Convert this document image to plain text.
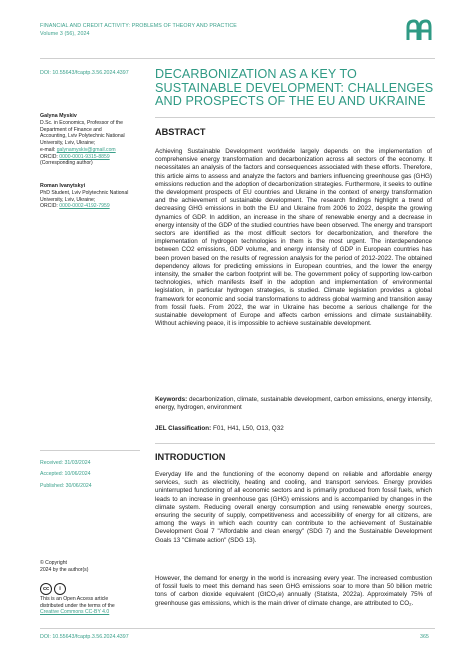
FINANCIAL AND CREDIT ACTIVITY: PROBLEMS OF THEORY AND PRACTICE
Volume 3 (56), 2024
DOI: 10.55643/fcaptp.3.56.2024.4397
Galyna Myskiv
D.Sc. in Economics, Professor of the
Department of Finance and
Accounting, Lviv Polytechnic National
University, Lviv, Ukraine;
e-mail: galynamyskiv@gmail.com
ORCID: 0000-0001-9315-8859
(Corresponding author)
Roman Ivanytskyi
PhD Student, Lviv Polytechnic National
University, Lviv, Ukraine;
ORCID: 0000-0002-4192-7959
Received: 31/03/2024
Accepted: 10/06/2024
Published: 30/06/2024
© Copyright
2024 by the author(s)
cc	i
This is an Open Access article
distributed under the terms of the
Creative Commons CC-BY 4.0
DECARBONIZATION AS A KEY TO SUSTAINABLE DEVELOPMENT: CHALLENGES AND PROSPECTS OF THE EU AND UKRAINE
ABSTRACT

Achieving Sustainable Development worldwide largely depends on the implementation of comprehensive energy transformation and decarbonization across all sectors of the economy. It necessitates an analysis of the factors and consequences associated with these efforts. Therefore, this article aims to assess and analyze the factors and barriers influencing greenhouse gas (GHG) emissions reduction and the adoption of decarbonization strategies. Furthermore, it seeks to outline the development prospects of EU countries and Ukraine in the context of energy transformation and the achievement of sustainable development. The research findings highlight a trend of decreasing GHG emissions in both the EU and Ukraine from 2006 to 2022, despite the growing dynamics of GDP. In addition, an increase in the share of renewable energy and a decrease in energy intensity of the GDP of the studied countries have been observed. The energy and transport sectors are identified as the most difficult sectors for decarbonization, and therefore the implementation of hydrogen technologies in them is the most urgent. The interdependence between CO2 emissions, GDP volume, and energy intensity of GDP in European countries has been proven based on the results of regression analysis for the period of 2012-2022. The obtained dependency allows for predicting emissions in European countries, and the lower the energy intensity, the smaller the carbon footprint will be. The government policy of supporting low-carbon technologies, which manifests itself in the adoption and implementation of environmental legislation, in particular hydrogen strategies, is studied. Climate legislation provides a global framework for economic and social transformations to address global warming and transition away from fossil fuels. From 2022, the war in Ukraine has become a serious challenge for the sustainable development of Europe and affects carbon emissions and climate sustainability. Without achieving peace, it is impossible to achieve sustainable development.

Keywords: decarbonization, climate, sustainable development, carbon emissions, energy intensity, energy, hydrogen, environment
JEL Classification: F01, H41, L50, O13, Q32
INTRODUCTION

Everyday life and the functioning of the economy depend on reliable and affordable energy services, such as electricity, heating and cooling, and transport services. Energy provides uninterrupted functioning of all economic sectors and is primarily produced from fossil fuels, which leads to an increase in greenhouse gas (GHG) emissions and is accompanied by changes in the climate system. Reducing overall energy consumption and using renewable energy sources, ensuring the security of supply, competitiveness and accessibility of energy for all citizens, are among the ways in which each country can contribute to the achievement of Sustainable Development Goal 7 "Affordable and clean energy" (SDG 7) and the Sustainable Development Goals 13 "Climate action" (SDG 13).

However, the demand for energy in the world is increasing every year. The increased combustion of fossil fuels to meet this demand has seen GHG emissions soar to more than 50 billion metric tons of carbon dioxide equivalent (GtCO₂e) annually (Statista, 2022a). Approximately 75% of greenhouse gas emissions, which is the main driver of climate change, are attributed to CO₂.

DOI: 10.55643/fcaptp.3.56.2024.4397	365
